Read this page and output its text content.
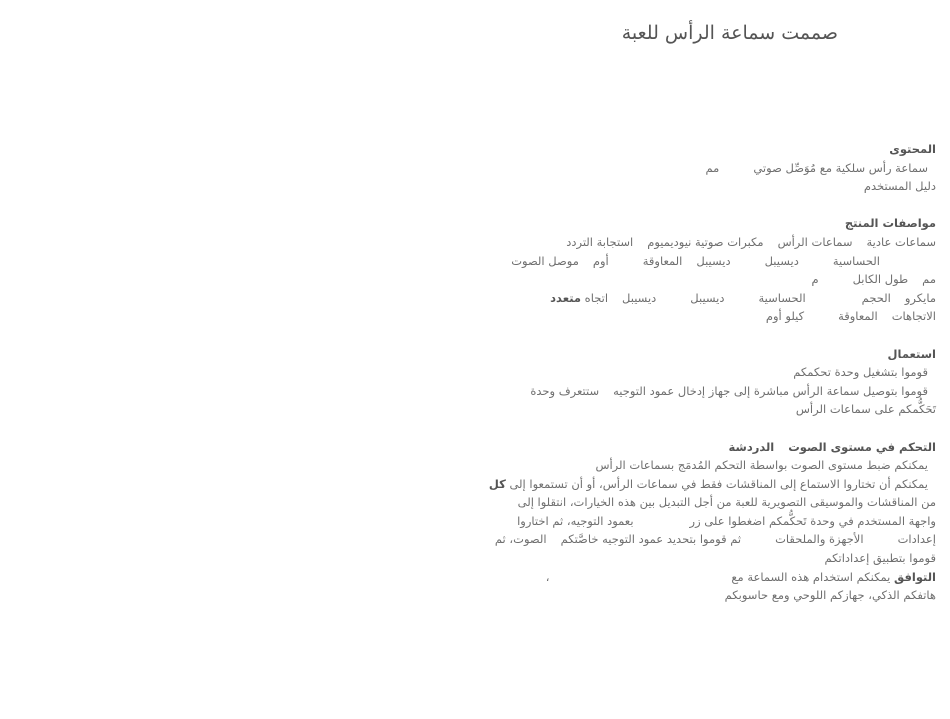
صممت سماعة الرأس للعبة
المحتوى
سماعة رأس سلكية مع مُوَصِّل صوتيمم
دليل المستخدم
مواصفات المنتج
سماعات عاديةسماعات الرأسمكبرات صوتية نيوديميوماستجابة التردد
الحساسيةديسيبلديسيبلالمعاوقةأومموصل الصوت
ممطول الكابلم
مايكروالحجمالحساسيةديسيبلديسيبلاتجاه متعدد
الاتجاهاتالمعاوقةكيلو أوم
استعمال
قوموا بتشغيل وحدة تحكمكم
قوموا بتوصيل سماعة الرأس مباشرة إلى جهاز إدخال عمود التوجيهستتعرف وحدة
تَحَكُّمكم على سماعات الرأس
التحكم في مستوى الصوتالدردشة
يمكنكم ضبط مستوى الصوت بواسطة التحكم المُدمَج بسماعات الرأس
يمكنكم أن تختاروا الاستماع إلى المناقشات فقط في سماعات الرأس، أو أن تستمعوا إلى كل
من المناقشات والموسيقى التصويرية للعبة من أجل التبديل بين هذه الخيارات، انتقلوا إلى
واجهة المستخدم في وحدة تَحكُّمكم اضغطوا على زربعمود التوجيه، ثم اختاروا
إعداداتالأجهزة والملحقاتثم قوموا بتحديد عمود التوجيه خاصَّتكمالصوت، ثم
قوموا بتطبيق إعداداتكم
التوافق يمكنكم استخدام هذه السماعة مع،
هاتفكم الذكي، جهازكم اللوحي ومع حاسوبكم
